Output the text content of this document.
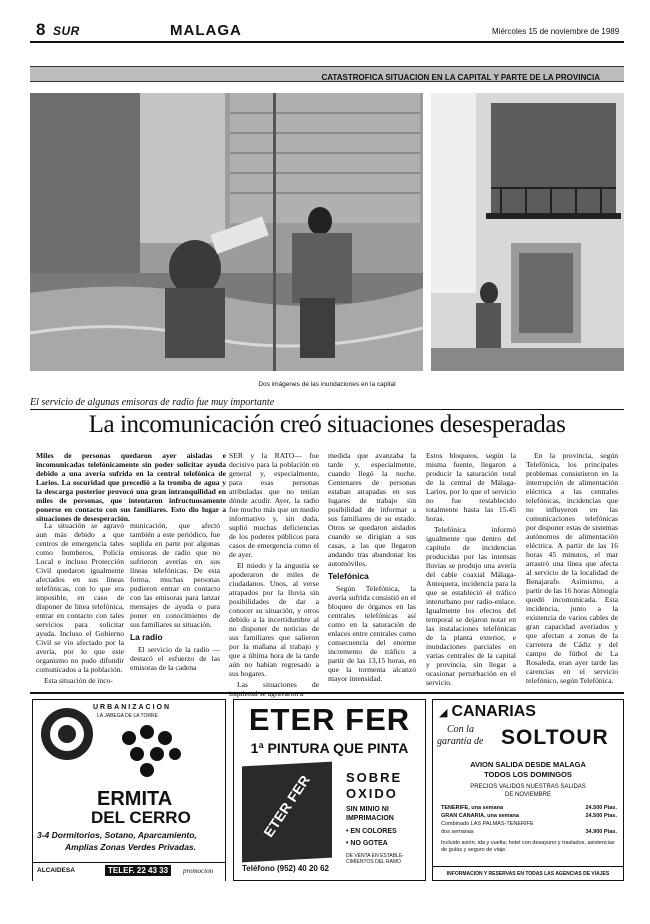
8 SUR	MALAGA	Miércoles 15 de noviembre de 1989
CATASTROFICA SITUACION EN LA CAPITAL Y PARTE DE LA PROVINCIA
Dos imágenes de las inundaciones en la capital
El servicio de algunas emisoras de radio fue muy importante
La incomunicación creó situaciones desesperadas

Miles de personas quedaron ayer aisladas e incomunicadas telefónicamente sin poder solicitar ayuda debido a una avería sufrida en la central telefónica de Larios. La oscuridad que precedió a la tromba de agua y la descarga posterior provocó una gran intranquilidad en miles de personas, que intentaron infructuosamente ponerse en contacto con sus familiares. Esto dio lugar a situaciones de desesperación.

La situación se agravó aun más debido a que centros de emergencia tales como bomberos, Policía Local e incluso Protección Civil quedaron igualmente afectados en sus líneas telefónicas, con lo que era imposible, en caso de disponer de línea telefónica, entrar en contacto con tales servicios para solicitar ayuda. Incluso el Gobierno Civil se vio afectado por la avería, por lo que este organismo no pudo difundir comunicados a la población.

Esta situación de inco-

municación, que afectó también a este periódico, fue suplida en parte por algunas emisoras de radio que no sufrieron averías en sus líneas telefónicas. De esta forma, muchas personas pudieron entrar en contacto con las emisoras para lanzar mensajes de ayuda o para poner en conocimiento de sus familiares su situación.

La radio

El servicio de la radio —destacó el esfuerzo de las emisoras de la cadena

SER y la RATO— fue decisivo para la población en general y, especialmente, para esas personas atribuladas que no tenían dónde acudir. Ayer, la radio fue mucho más que un medio informativo y, sin duda, suplió muchas deficiencias de los poderes públicos para casos de emergencia como el de ayer.

El miedo y la angustia se apoderaron de miles de ciudadanos. Unos, al verse atrapados por la lluvia sin posibilidades de dar a conocer su situación, y otros debido a la incertidumbre al no disponer de noticias de sus familiares que salieron por la mañana al trabajo y que a última hora de la tarde aún no habían regresado a sus hogares.

Las situaciones de

medida que avanzaba la tarde y, especialmente, cuando llegó la noche. Centenares de personas estaban atrapadas en sus lugares de trabajo sin posibilidad de informar a sus familiares de su estado. Otros se quedaron aislados cuando se dirigían a sus casas, a las que llegaron andando tras abandonar los automóviles.

Telefónica

Según Telefónica, la avería sufrida consistió en el bloqueo de órganos en las centrales telefónicas así como en la saturación de enlaces entre centrales como consecuencia del enorme incremento de tráfico a partir de las 13,15 horas, en que la tormenta alcanzó mayor intensidad.

Estos bloqueos, según la misma fuente, llegaron a producir la saturación total de la central de Málaga-Larios, por lo que el servicio no fue restablecido totalmente hasta las 15.45 horas.

Telefónica informó igualmente que dentro del capítulo de incidencias producidas por las intensas lluvias se produjo una avería del cable coaxial Málaga-Antequera, incidencia para la que se estableció el tráfico interurbano por radio-enlace. Igualmente los efectos del temporal se dejaron notar en las instalaciones telefónicas de la planta exterior, e inundaciones parciales en varias centrales de la capital y provincia, sin llegar a ocasionar perturbación en el servicio.

En la provincia, según Telefónica, los principales problemas consistieron en la interrupción de alimentación eléctrica a las centrales telefónicas, incidencias que no influyeron en las comunicaciones telefónicas por disponer estas de sistemas autónomos de alimentación eléctrica. A partir de las 16 horas 45 minutos, el mar arrastró una línea que afecta al servicio de la localidad de Benajarafe. Asimismo, a partir de las 16 horas Almogía quedó incomunicada. Esta incidencia, junto a la existencia de varios cables de gran capacidad averiados y que afectan a zonas de la carretera de Cádiz y del campo de fútbol de La Rosaleda, eran ayer tarde las carencias en el servicio telefónico, según Telefónica.

URBANIZACION
LA JABEGA DE LA TORRE
ERMITA
DEL CERRO
3-4 Dormitorios, Sotano, Aparcamiento,
Amplias Zonas Verdes Privadas.
ALCAIDESA	TELEF. 22 43 33	promocion
ETER FER
1ª PINTURA QUE PINTA
ETER FER	SOBRE
OXIDO
SIN MINIO NI
IMPRIMACION
• EN COLORES
• NO GOTEA
DE VENTA EN ESTABLE-
CIMIENTOS DEL RAMO
Teléfono (952) 40 20 62
◢ CANARIAS
Con la
garantía de SOLTOUR
AVION SALIDA DESDE MALAGA
TODOS LOS DOMINGOS
PRECIOS VALIDOS NUESTRAS SALIDAS
DE NOVIEMBRE
TENERIFE, una semana	24.500 Ptas.
GRAN CANARIA, una semana	24.500 Ptas.
Combinado LAS PALMAS-TENERIFE
dos semanas	34.900 Ptas.
Incluido avión, ida y vuelta; hotel con desayuno y traslados, asistencias de guías y seguro de viaje.
INFORMACION Y RESERVAS EN TODAS LAS AGENCIAS DE VIAJES
